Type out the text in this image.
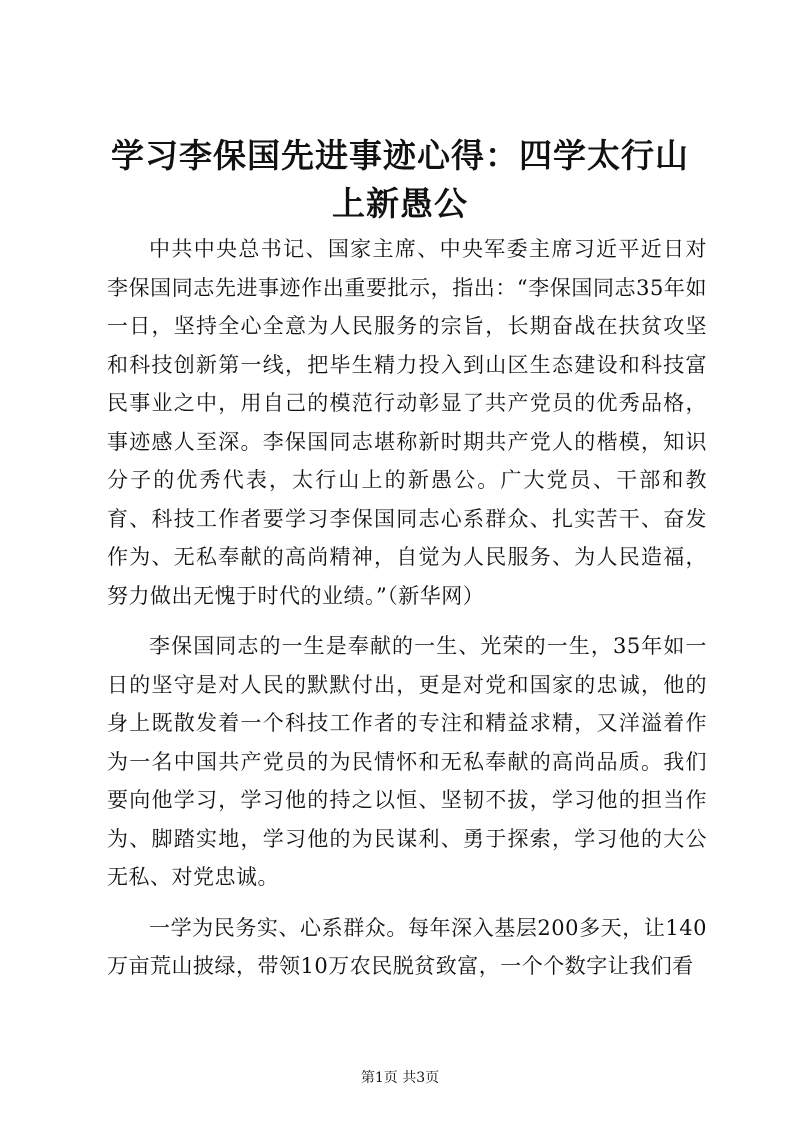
学习李保国先进事迹心得：四学太行山上新愚公

中共中央总书记、国家主席、中央军委主席习近平近日对李保国同志先进事迹作出重要批示，指出：“李保国同志35年如一日，坚持全心全意为人民服务的宗旨，长期奋战在扶贫攻坚和科技创新第一线，把毕生精力投入到山区生态建设和科技富民事业之中，用自己的模范行动彰显了共产党员的优秀品格，事迹感人至深。李保国同志堪称新时期共产党人的楷模，知识分子的优秀代表，太行山上的新愚公。广大党员、干部和教育、科技工作者要学习李保国同志心系群众、扎实苦干、奋发作为、无私奉献的高尚精神，自觉为人民服务、为人民造福，努力做出无愧于时代的业绩。”（新华网）

李保国同志的一生是奉献的一生、光荣的一生，35年如一日的坚守是对人民的默默付出，更是对党和国家的忠诚，他的身上既散发着一个科技工作者的专注和精益求精，又洋溢着作为一名中国共产党员的为民情怀和无私奉献的高尚品质。我们要向他学习，学习他的持之以恒、坚韧不拔，学习他的担当作为、脚踏实地，学习他的为民谋利、勇于探索，学习他的大公无私、对党忠诚。

一学为民务实、心系群众。每年深入基层200多天，让140万亩荒山披绿，带领10万农民脱贫致富，一个个数字让我们看

第1页 共3页
